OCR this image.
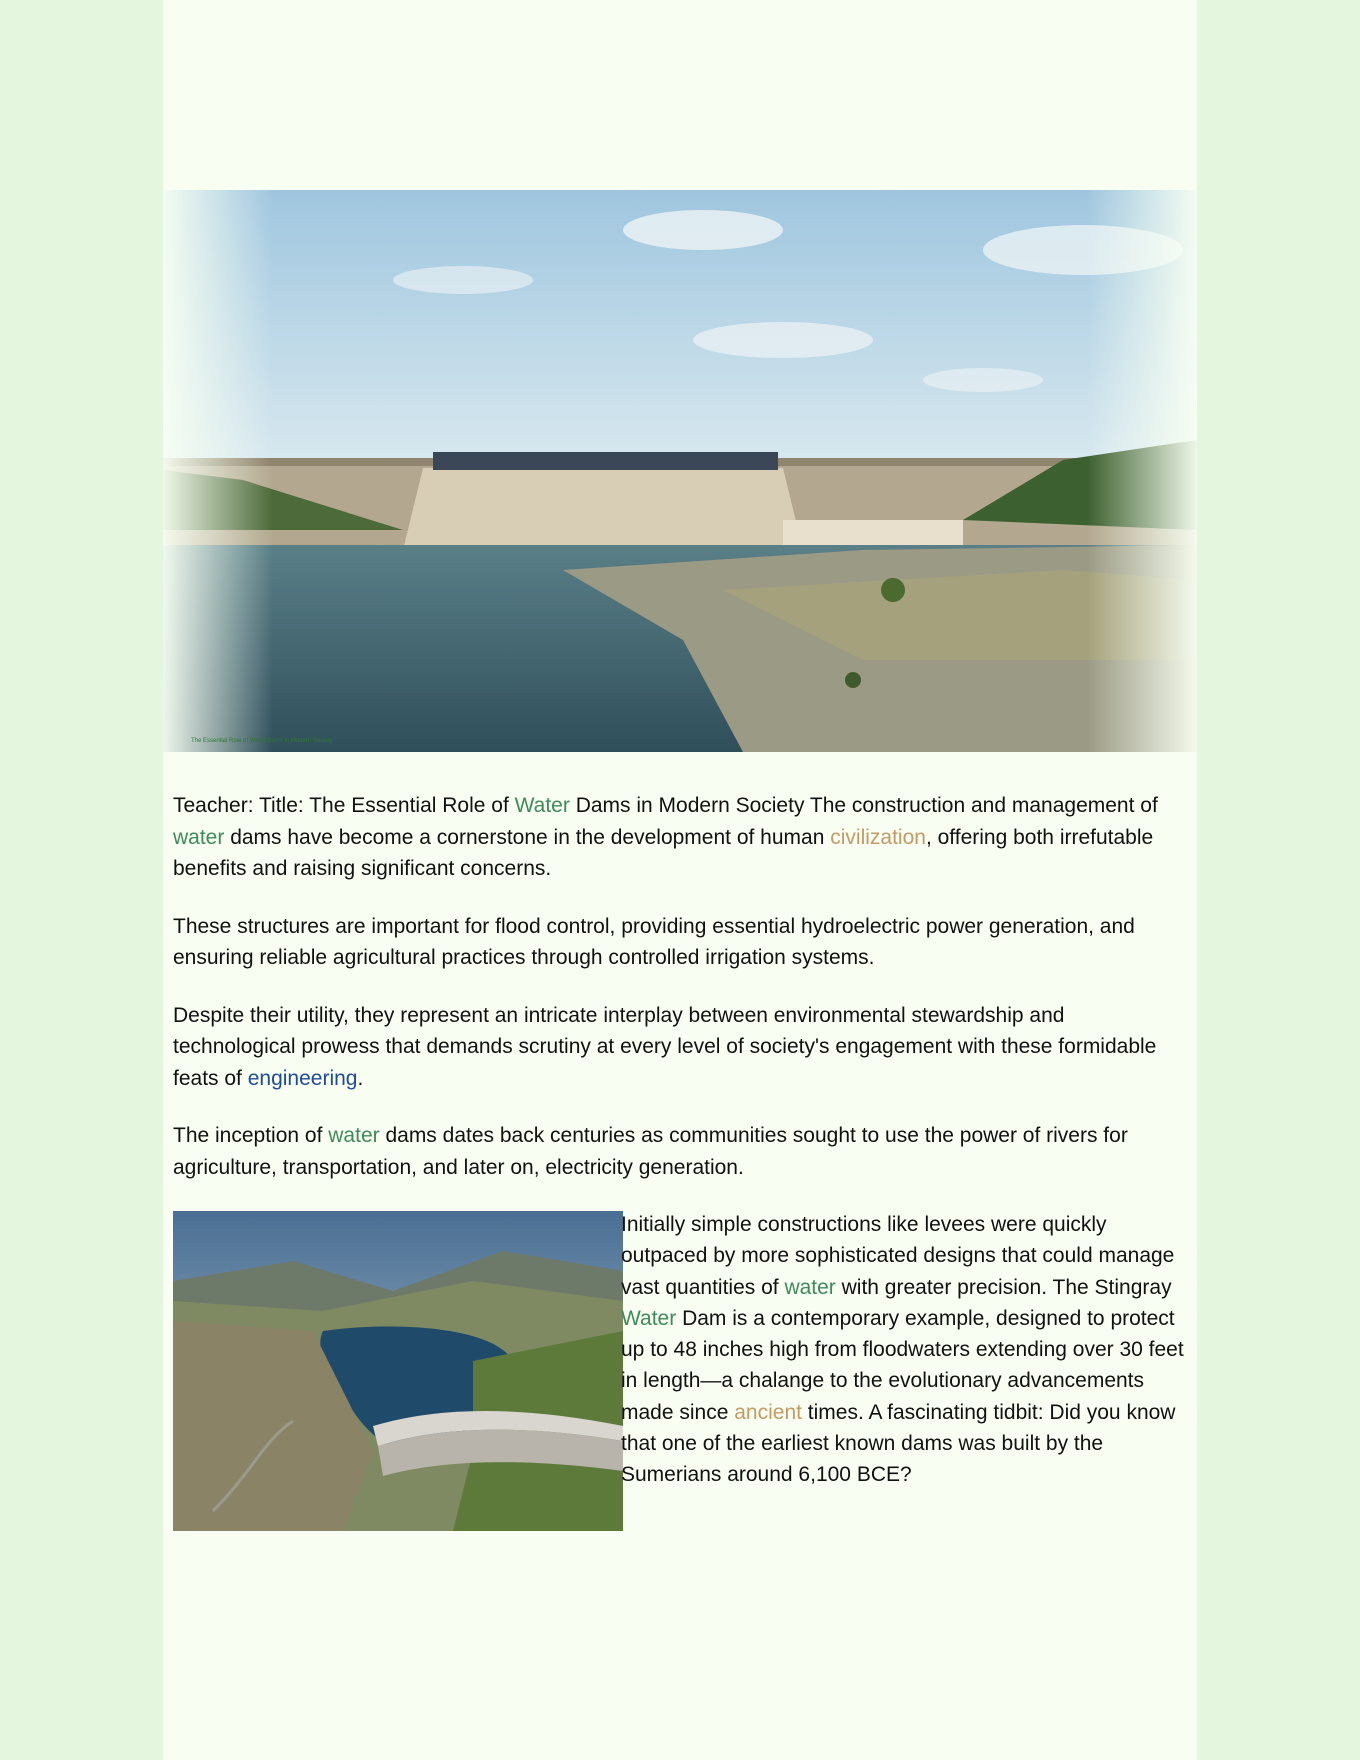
The Essential Role of Water Dams in Modern Society

Teacher: Title: The Essential Role of Water Dams in Modern Society The construction and management of water dams have become a cornerstone in the development of human civilization, offering both irrefutable benefits and raising significant concerns.

These structures are important for flood control, providing essential hydroelectric power generation, and ensuring reliable agricultural practices through controlled irrigation systems.

Despite their utility, they represent an intricate interplay between environmental stewardship and technological prowess that demands scrutiny at every level of society's engagement with these formidable feats of engineering.

The inception of water dams dates back centuries as communities sought to use the power of rivers for agriculture, transportation, and later on, electricity generation.

Initially simple constructions like levees were quickly outpaced by more sophisticated designs that could manage vast quantities of water with greater precision. The Stingray Water Dam is a contemporary example, designed to protect up to 48 inches high from floodwaters extending over 30 feet in length—a chalange to the evolutionary advancements made since ancient times. A fascinating tidbit: Did you know that one of the earliest known dams was built by the Sumerians around 6,100 BCE?
